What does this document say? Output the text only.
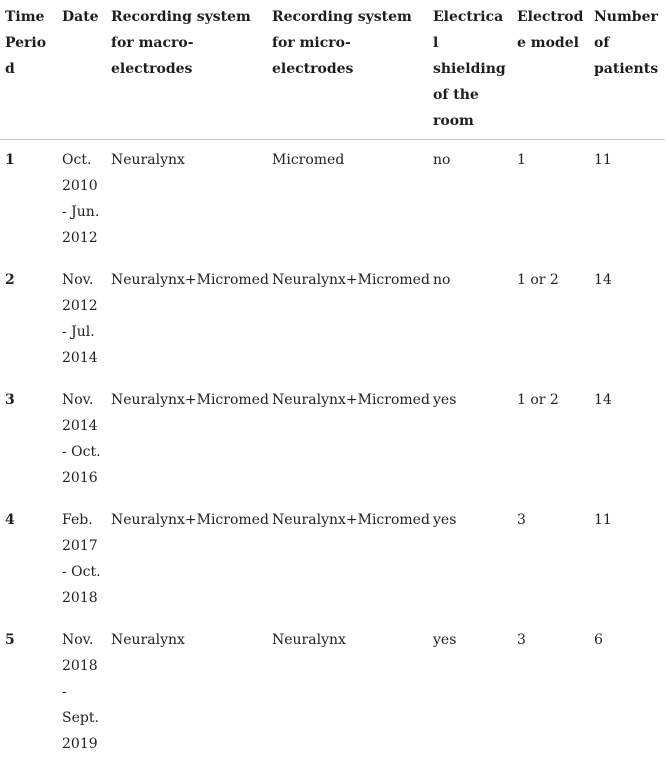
Time Period	Date	Recording system for macro-electrodes	Recording system for micro-electrodes	Electrical shielding of the room	Electrode model	Number of patients
1	Oct. 2010 - Jun. 2012	Neuralynx	Micromed	no	1	11
2	Nov. 2012 - Jul. 2014	Neuralynx+Micromed	Neuralynx+Micromed	no	1 or 2	14
3	Nov. 2014 - Oct. 2016	Neuralynx+Micromed	Neuralynx+Micromed	yes	1 or 2	14
4	Feb. 2017 - Oct. 2018	Neuralynx+Micromed	Neuralynx+Micromed	yes	3	11
5	Nov. 2018 - Sept. 2019	Neuralynx	Neuralynx	yes	3	6
